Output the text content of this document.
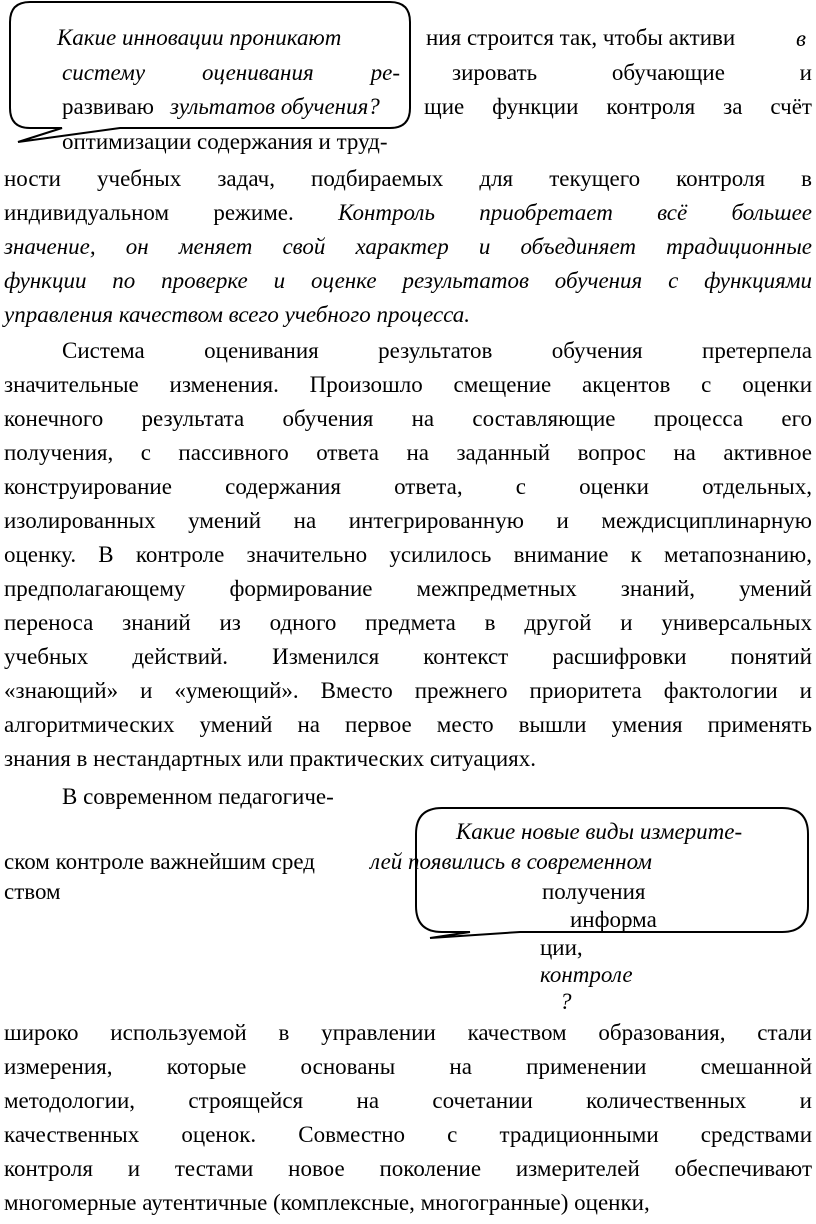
Какие инновации проникают
систему оценивания ре-
зультатов обучения?
ния строится так, чтобы активи	в
зировать обучающие и
развиваю	щие функции контроля за счёт
оптимизации содержания и труд-
ности учебных задач, подбираемых для текущего контроля в
индивидуальном режиме. Контроль приобретает всё большее
значение, он меняет свой характер и объединяет традиционные
функции по проверке и оценке результатов обучения с функциями
управления качеством всего учебного процесса.
Система оценивания результатов обучения претерпела
значительные изменения. Произошло смещение акцентов с оценки
конечного результата обучения на составляющие процесса его
получения, с пассивного ответа на заданный вопрос на активное
конструирование содержания ответа, с оценки отдельных,
изолированных умений на интегрированную и междисциплинарную
оценку. В контроле значительно усилилось внимание к метапознанию,
предполагающему формирование межпредметных знаний, умений
переноса знаний из одного предмета в другой и универсальных
учебных действий. Изменился контекст расшифровки понятий
«знающий» и «умеющий». Вместо прежнего приоритета фактологии и
алгоритмических умений на первое место вышли умения применять
знания в нестандартных или практических ситуациях.
В современном педагогиче-
Какие новые виды измерите-
ском контроле важнейшим сред лей появились в современном
ством	получения
информа
ции,
контроле
?
широко используемой в управлении качеством образования, стали
измерения, которые основаны на применении смешанной
методологии, строящейся на сочетании количественных и
качественных оценок. Совместно с традиционными средствами
контроля и тестами новое поколение измерителей обеспечивают
многомерные аутентичные (комплексные, многогранные) оценки,
